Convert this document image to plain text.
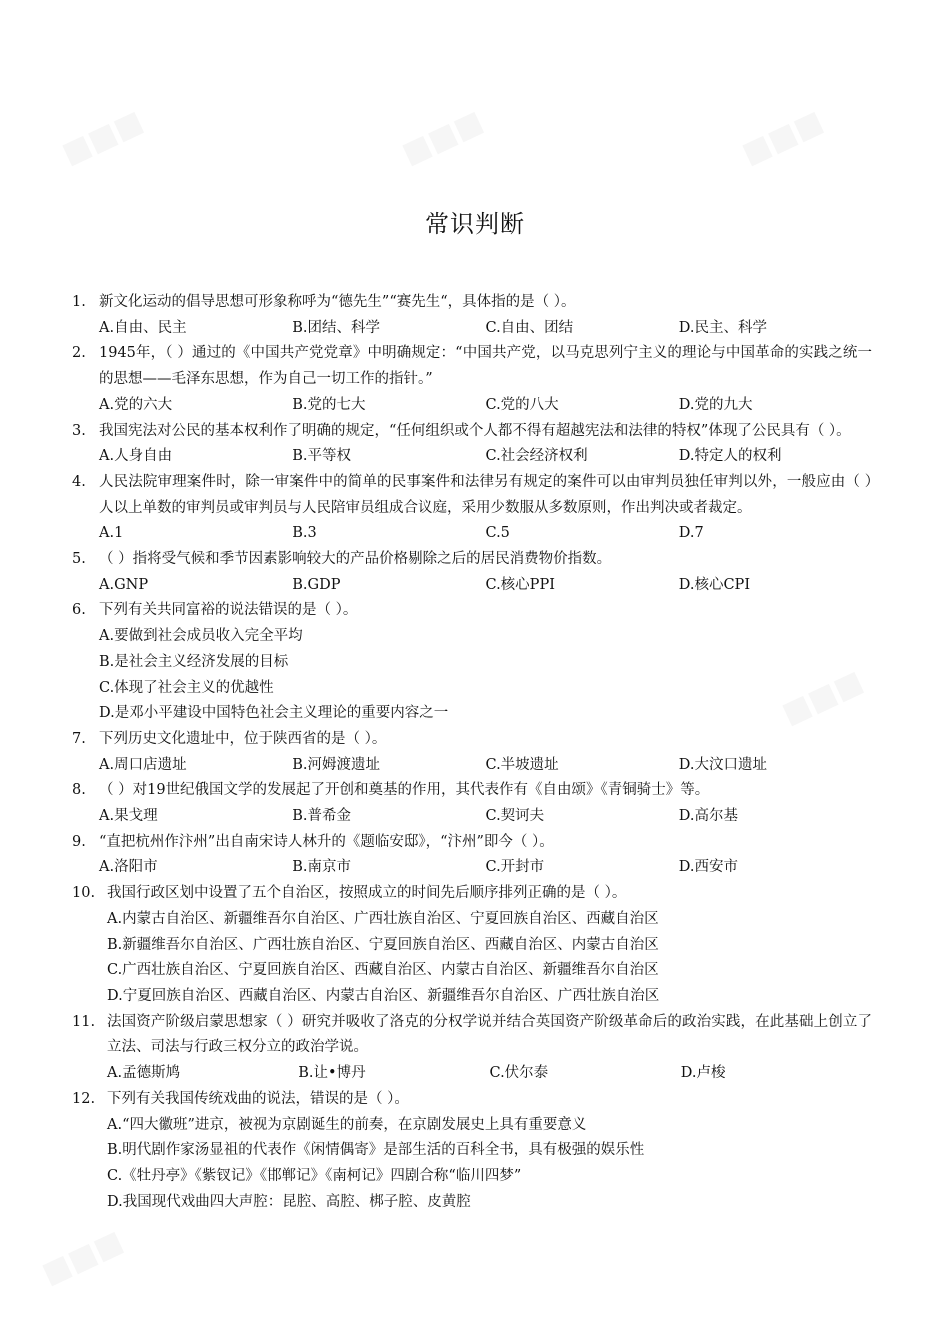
常识判断
1. 新文化运动的倡导思想可形象称呼为“德先生”“赛先生“，具体指的是（ ）。
A.自由、民主	B.团结、科学	C.自由、团结	D.民主、科学
2. 1945年，（ ）通过的《中国共产党党章》中明确规定：“中国共产党，以马克思列宁主义的理论与中国革命的实践之统一的思想——毛泽东思想，作为自己一切工作的指针。”
A.党的六大	B.党的七大	C.党的八大	D.党的九大
3. 我国宪法对公民的基本权利作了明确的规定，“任何组织或个人都不得有超越宪法和法律的特权”体现了公民具有（ ）。
A.人身自由	B.平等权	C.社会经济权利	D.特定人的权利
4. 人民法院审理案件时，除一审案件中的简单的民事案件和法律另有规定的案件可以由审判员独任审判以外，一般应由（ ）人以上单数的审判员或审判员与人民陪审员组成合议庭，采用少数服从多数原则，作出判决或者裁定。
A.1	B.3	C.5	D.7
5. （ ）指将受气候和季节因素影响较大的产品价格剔除之后的居民消费物价指数。
A.GNP	B.GDP	C.核心PPI	D.核心CPI
6. 下列有关共同富裕的说法错误的是（ ）。
A.要做到社会成员收入完全平均
B.是社会主义经济发展的目标
C.体现了社会主义的优越性
D.是邓小平建设中国特色社会主义理论的重要内容之一
7. 下列历史文化遗址中，位于陕西省的是（ ）。
A.周口店遗址	B.河姆渡遗址	C.半坡遗址	D.大汶口遗址
8. （ ）对19世纪俄国文学的发展起了开创和奠基的作用，其代表作有《自由颂》《青铜骑士》等。
A.果戈理	B.普希金	C.契诃夫	D.高尔基
9. “直把杭州作汴州”出自南宋诗人林升的《题临安邸》，“汴州”即今（ ）。
A.洛阳市	B.南京市	C.开封市	D.西安市
10. 我国行政区划中设置了五个自治区，按照成立的时间先后顺序排列正确的是（ ）。
A.内蒙古自治区、新疆维吾尔自治区、广西壮族自治区、宁夏回族自治区、西藏自治区
B.新疆维吾尔自治区、广西壮族自治区、宁夏回族自治区、西藏自治区、内蒙古自治区
C.广西壮族自治区、宁夏回族自治区、西藏自治区、内蒙古自治区、新疆维吾尔自治区
D.宁夏回族自治区、西藏自治区、内蒙古自治区、新疆维吾尔自治区、广西壮族自治区
11. 法国资产阶级启蒙思想家（ ）研究并吸收了洛克的分权学说并结合英国资产阶级革命后的政治实践，在此基础上创立了立法、司法与行政三权分立的政治学说。
A.孟德斯鸠	B.让•博丹	C.伏尔泰	D.卢梭
12. 下列有关我国传统戏曲的说法，错误的是（ ）。
A.“四大徽班”进京，被视为京剧诞生的前奏，在京剧发展史上具有重要意义
B.明代剧作家汤显祖的代表作《闲情偶寄》是部生活的百科全书，具有极强的娱乐性
C.《牡丹亭》《紫钗记》《邯郸记》《南柯记》四剧合称“临川四梦”
D.我国现代戏曲四大声腔：昆腔、高腔、梆子腔、皮黄腔
